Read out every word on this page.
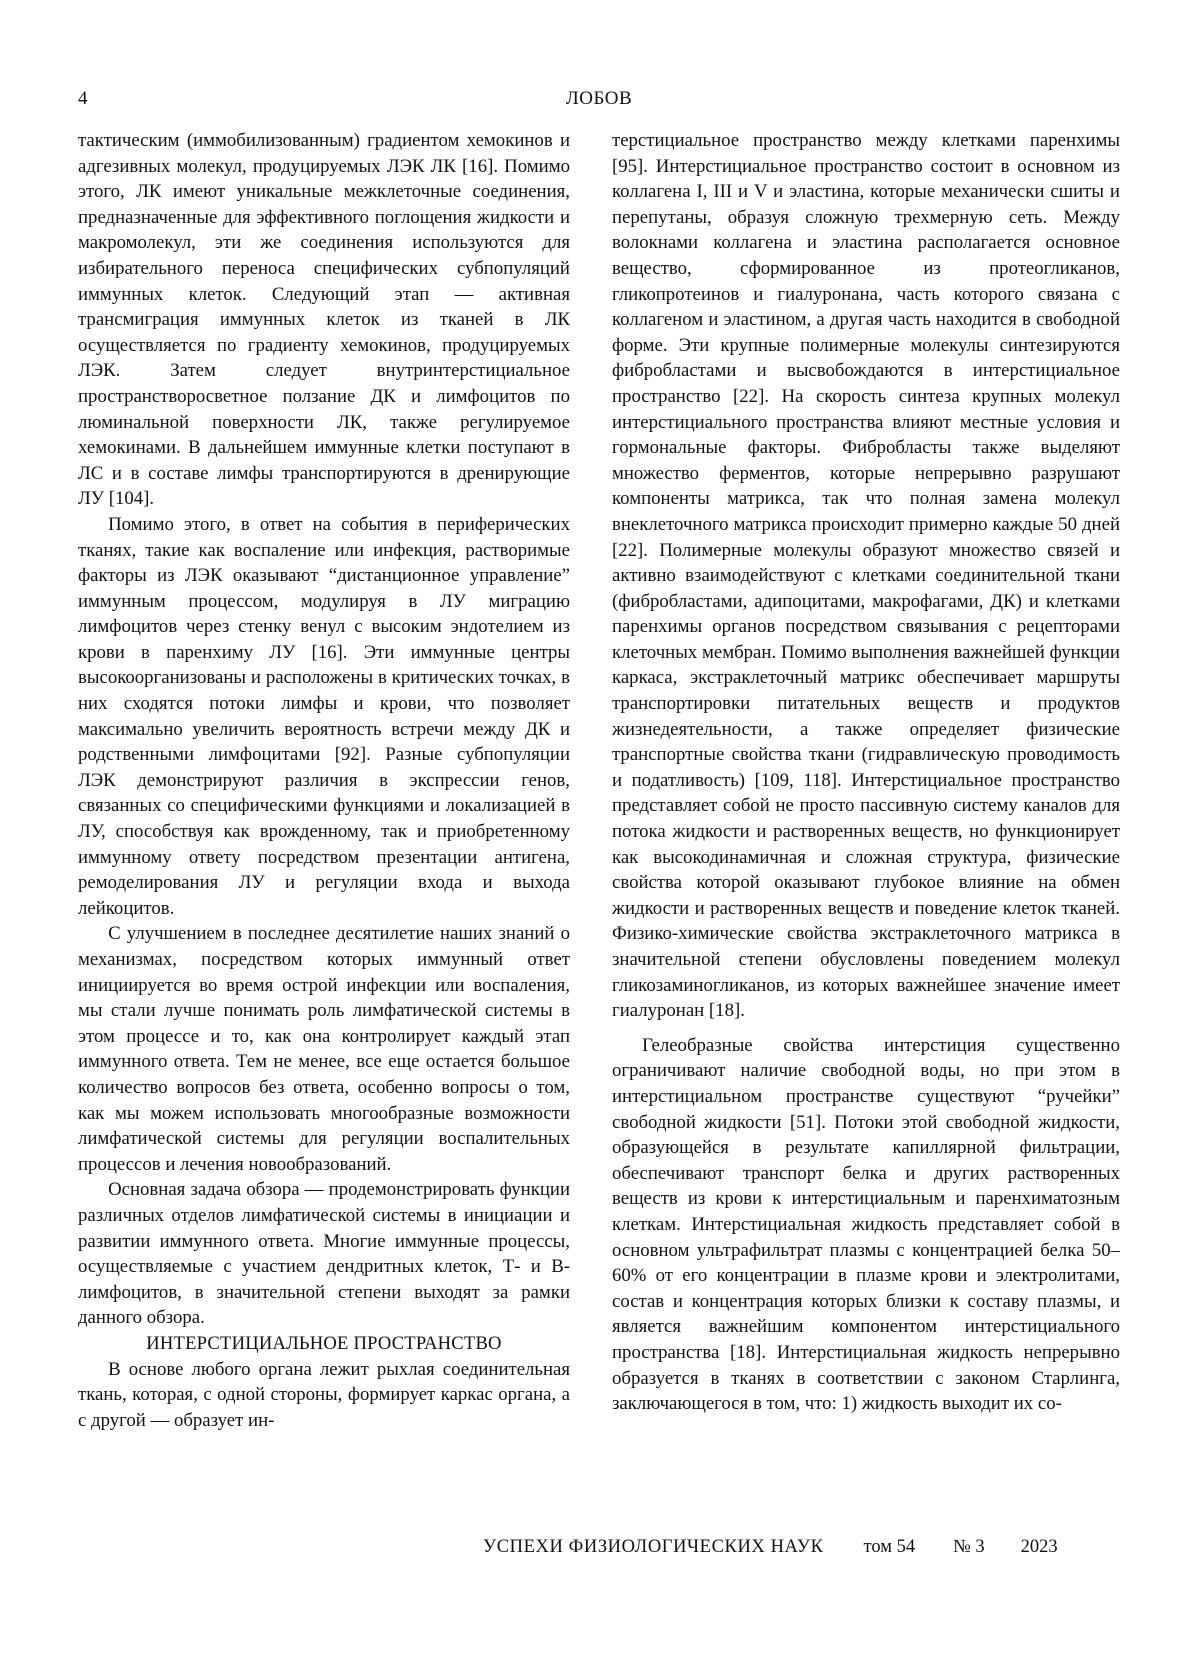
4	ЛОБОВ

тактическим (иммобилизованным) градиентом хемокинов и адгезивных молекул, продуцируемых ЛЭК ЛК [16]. Помимо этого, ЛК имеют уникальные межклеточные соединения, предназначенные для эффективного поглощения жидкости и макромолекул, эти же соединения используются для избирательного переноса специфических субпопуляций иммунных клеток. Следующий этап — активная трансмиграция иммунных клеток из тканей в ЛК осуществляется по градиенту хемокинов, продуцируемых ЛЭК. Затем следует внутринтерстициальное пространстворосветное ползание ДК и лимфоцитов по люминальной поверхности ЛК, также регулируемое хемокинами. В дальнейшем иммунные клетки поступают в ЛС и в составе лимфы транспортируются в дренирующие ЛУ [104].

Помимо этого, в ответ на события в периферических тканях, такие как воспаление или инфекция, растворимые факторы из ЛЭК оказывают “дистанционное управление” иммунным процессом, модулируя в ЛУ миграцию лимфоцитов через стенку венул с высоким эндотелием из крови в паренхиму ЛУ [16]. Эти иммунные центры высокоорганизованы и расположены в критических точках, в них сходятся потоки лимфы и крови, что позволяет максимально увеличить вероятность встречи между ДК и родственными лимфоцитами [92]. Разные субпопуляции ЛЭК демонстрируют различия в экспрессии генов, связанных со специфическими функциями и локализацией в ЛУ, способствуя как врожденному, так и приобретенному иммунному ответу посредством презентации антигена, ремоделирования ЛУ и регуляции входа и выхода лейкоцитов.

С улучшением в последнее десятилетие наших знаний о механизмах, посредством которых иммунный ответ инициируется во время острой инфекции или воспаления, мы стали лучше понимать роль лимфатической системы в этом процессе и то, как она контролирует каждый этап иммунного ответа. Тем не менее, все еще остается большое количество вопросов без ответа, особенно вопросы о том, как мы можем использовать многообразные возможности лимфатической системы для регуляции воспалительных процессов и лечения новообразований.

Основная задача обзора — продемонстрировать функции различных отделов лимфатической системы в инициации и развитии иммунного ответа. Многие иммунные процессы, осуществляемые с участием дендритных клеток, Т- и В-лимфоцитов, в значительной степени выходят за рамки данного обзора.

ИНТЕРСТИЦИАЛЬНОЕ ПРОСТРАНСТВО

В основе любого органа лежит рыхлая соединительная ткань, которая, с одной стороны, формирует каркас органа, а с другой — образует ин-

терстициальное пространство между клетками паренхимы [95]. Интерстициальное пространство состоит в основном из коллагена I, III и V и эластина, которые механически сшиты и перепутаны, образуя сложную трехмерную сеть. Между волокнами коллагена и эластина располагается основное вещество, сформированное из протеогликанов, гликопротеинов и гиалуронана, часть которого связана с коллагеном и эластином, а другая часть находится в свободной форме. Эти крупные полимерные молекулы синтезируются фибробластами и высвобождаются в интерстициальное пространство [22]. На скорость синтеза крупных молекул интерстициального пространства влияют местные условия и гормональные факторы. Фибробласты также выделяют множество ферментов, которые непрерывно разрушают компоненты матрикса, так что полная замена молекул внеклеточного матрикса происходит примерно каждые 50 дней [22]. Полимерные молекулы образуют множество связей и активно взаимодействуют с клетками соединительной ткани (фибробластами, адипоцитами, макрофагами, ДК) и клетками паренхимы органов посредством связывания с рецепторами клеточных мембран. Помимо выполнения важнейшей функции каркаса, экстраклеточный матрикс обеспечивает маршруты транспортировки питательных веществ и продуктов жизнедеятельности, а также определяет физические транспортные свойства ткани (гидравлическую проводимость и податливость) [109, 118]. Интерстициальное пространство представляет собой не просто пассивную систему каналов для потока жидкости и растворенных веществ, но функционирует как высокодинамичная и сложная структура, физические свойства которой оказывают глубокое влияние на обмен жидкости и растворенных веществ и поведение клеток тканей. Физико-химические свойства экстраклеточного матрикса в значительной степени обусловлены поведением молекул гликозаминогликанов, из которых важнейшее значение имеет гиалуронан [18].

Гелеобразные свойства интерстиция существенно ограничивают наличие свободной воды, но при этом в интерстициальном пространстве существуют “ручейки” свободной жидкости [51]. Потоки этой свободной жидкости, образующейся в результате капиллярной фильтрации, обеспечивают транспорт белка и других растворенных веществ из крови к интерстициальным и паренхиматозным клеткам. Интерстициальная жидкость представляет собой в основном ультрафильтрат плазмы с концентрацией белка 50–60% от его концентрации в плазме крови и электролитами, состав и концентрация которых близки к составу плазмы, и является важнейшим компонентом интерстициального пространства [18]. Интерстициальная жидкость непрерывно образуется в тканях в соответствии с законом Старлинга, заключающегося в том, что: 1) жидкость выходит их со-

УСПЕХИ ФИЗИОЛОГИЧЕСКИХ НАУК том 54 № 3 2023
